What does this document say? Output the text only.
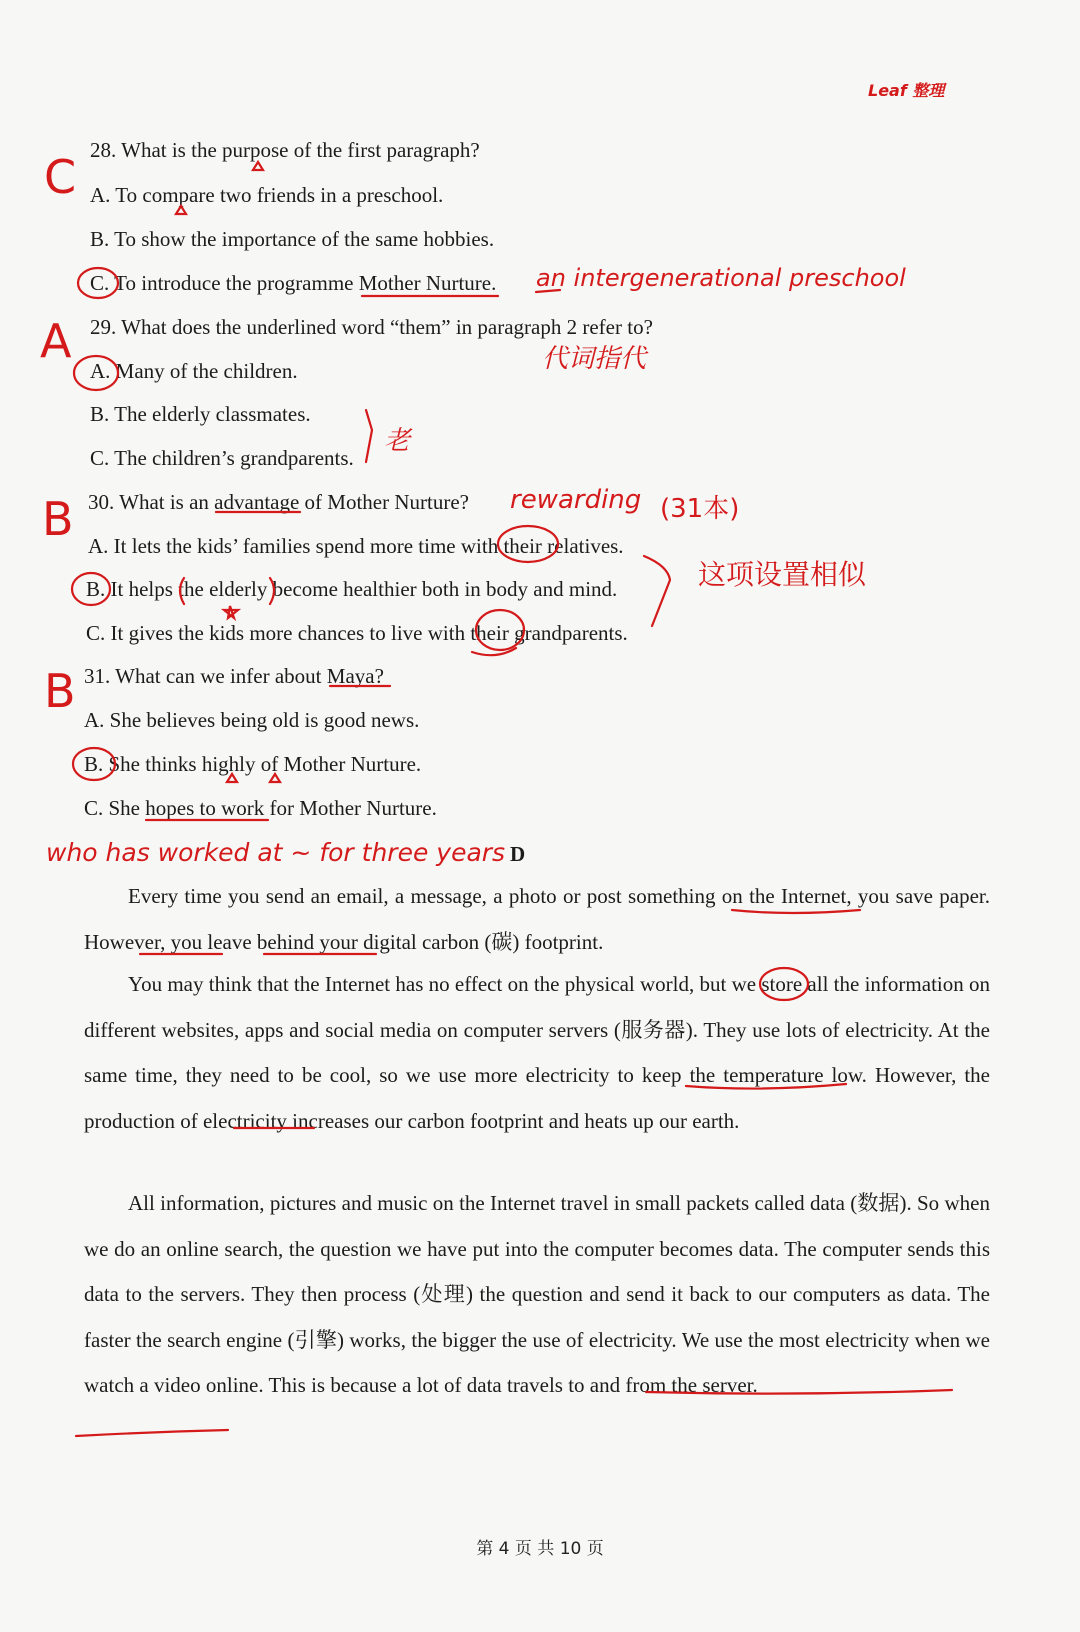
Leaf 整理
28. What is the purpose of the first paragraph?
A. To compare two friends in a preschool.
B. To show the importance of the same hobbies.
C. To introduce the programme Mother Nurture.
29. What does the underlined word “them” in paragraph 2 refer to?
A. Many of the children.
B. The elderly classmates.
C. The children’s grandparents.
30. What is an advantage of Mother Nurture?
A. It lets the kids’ families spend more time with their relatives.
B. It helps the elderly become healthier both in body and mind.
C. It gives the kids more chances to live with their grandparents.
31. What can we infer about Maya?
A. She believes being old is good news.
B. She thinks highly of Mother Nurture.
C. She hopes to work for Mother Nurture.
D
Every time you send an email, a message, a photo or post something on the Internet, you save paper. However, you leave behind your digital carbon (碳) footprint.
You may think that the Internet has no effect on the physical world, but we store all the information on different websites, apps and social media on computer servers (服务器). They use lots of electricity. At the same time, they need to be cool, so we use more electricity to keep the temperature low. However, the production of electricity increases our carbon footprint and heats up our earth.
All information, pictures and music on the Internet travel in small packets called data (数据). So when we do an online search, the question we have put into the computer becomes data. The computer sends this data to the servers. They then process (处理) the question and send it back to our computers as data. The faster the search engine (引擎) works, the bigger the use of electricity. We use the most electricity when we watch a video online. This is because a lot of data travels to and from the server.
C
A
B
B
an intergenerational preschool
代词指代
老
rewarding (31本)
这项设置相似
who has worked at ~ for three years
第 4 页 共 10 页
